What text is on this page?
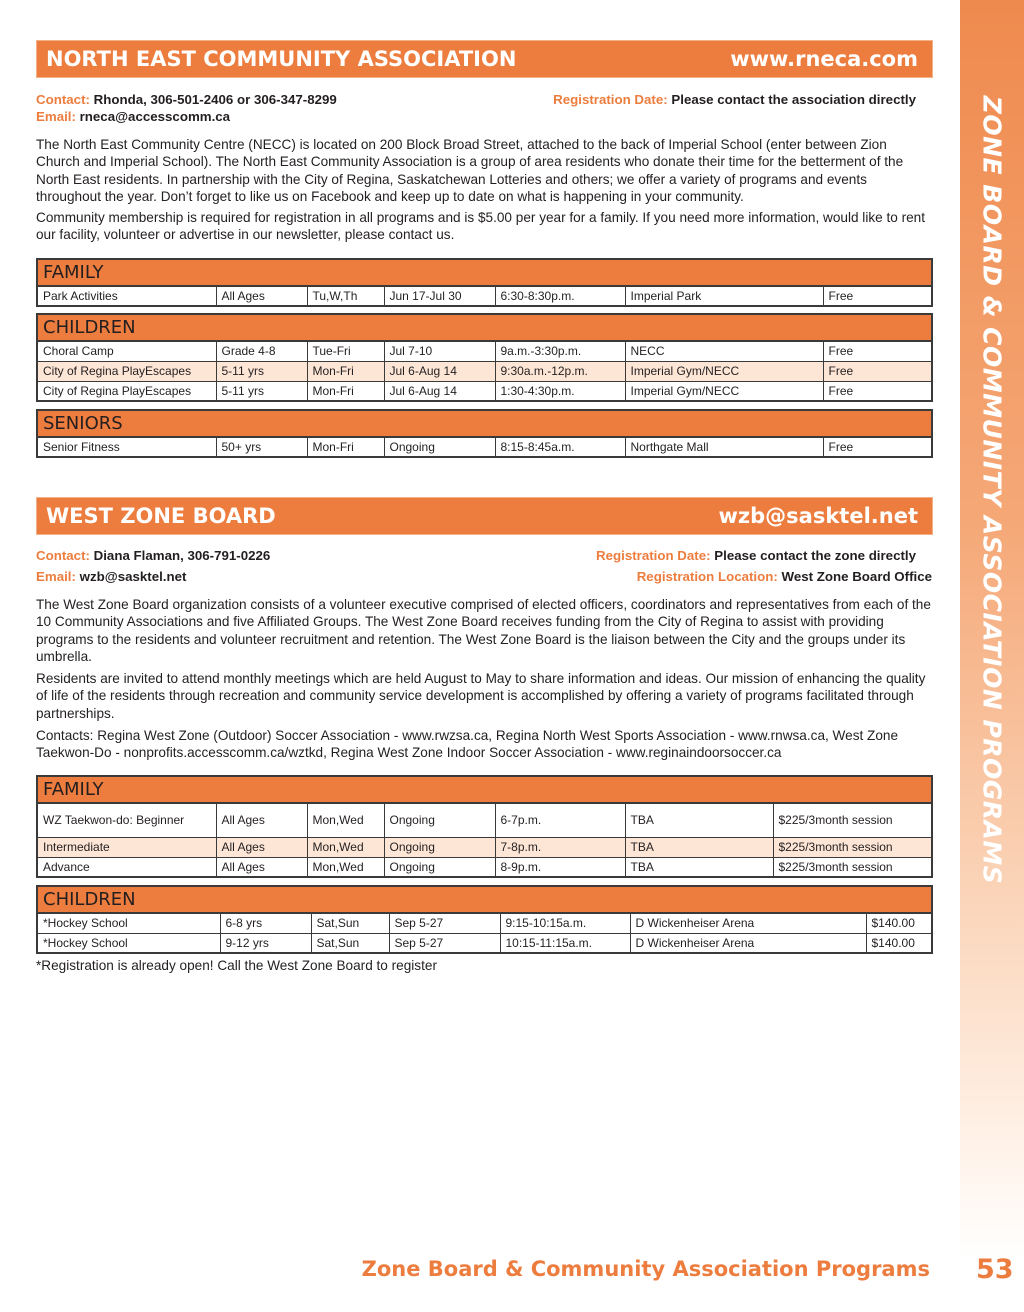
ZONE BOARD & COMMUNITY ASSOCIATION PROGRAMS
NORTH EAST COMMUNITY ASSOCIATION	www.rneca.com
Contact: Rhonda, 306-501-2406 or 306-347-8299
Email: rneca@accesscomm.ca
Registration Date: Please contact the association directly

The North East Community Centre (NECC) is located on 200 Block Broad Street, attached to the back of Imperial School (enter between Zion Church and Imperial School). The North East Community Association is a group of area residents who donate their time for the betterment of the North East residents. In partnership with the City of Regina, Saskatchewan Lotteries and others; we offer a variety of programs and events throughout the year. Don’t forget to like us on Facebook and keep up to date on what is happening in your community.

Community membership is required for registration in all programs and is $5.00 per year for a family. If you need more information, would like to rent our facility, volunteer or advertise in our newsletter, please contact us.

FAMILY
Park Activities	All Ages	Tu,W,Th	Jun 17-Jul 30	6:30-8:30p.m.	Imperial Park	Free
CHILDREN						
Choral Camp	Grade 4-8	Tue-Fri	Jul 7-10	9a.m.-3:30p.m.	NECC	Free
City of Regina PlayEscapes	5-11 yrs	Mon-Fri	Jul 6-Aug 14	9:30a.m.-12p.m.	Imperial Gym/NECC	Free
City of Regina PlayEscapes	5-11 yrs	Mon-Fri	Jul 6-Aug 14	1:30-4:30p.m.	Imperial Gym/NECC	Free
SENIORS
Senior Fitness	50+ yrs	Mon-Fri	Ongoing	8:15-8:45a.m.	Northgate Mall	Free
WEST ZONE BOARD	wzb@sasktel.net
Contact: Diana Flaman, 306-791-0226
Email: wzb@sasktel.net
Registration Date: Please contact the zone directly
Registration Location: West Zone Board Office

The West Zone Board organization consists of a volunteer executive comprised of elected officers, coordinators and representatives from each of the 10 Community Associations and five Affiliated Groups. The West Zone Board receives funding from the City of Regina to assist with providing programs to the residents and volunteer recruitment and retention. The West Zone Board is the liaison between the City and the groups under its umbrella.

Residents are invited to attend monthly meetings which are held August to May to share information and ideas. Our mission of enhancing the quality of life of the residents through recreation and community service development is accomplished by offering a variety of programs facilitated through partnerships.

Contacts: Regina West Zone (Outdoor) Soccer Association - www.rwzsa.ca, Regina North West Sports Association - www.rnwsa.ca, West Zone Taekwon-Do - nonprofits.accesscomm.ca/wztkd, Regina West Zone Indoor Soccer Association - www.reginaindoorsoccer.ca

FAMILY						
WZ Taekwon-do: Beginner	All Ages	Mon,Wed	Ongoing	6-7p.m.	TBA	$225/3month session
Intermediate	All Ages	Mon,Wed	Ongoing	7-8p.m.	TBA	$225/3month session
Advance	All Ages	Mon,Wed	Ongoing	8-9p.m.	TBA	$225/3month session
CHILDREN						
*Hockey School	6-8 yrs	Sat,Sun	Sep 5-27	9:15-10:15a.m.	D Wickenheiser Arena	$140.00
*Hockey School	9-12 yrs	Sat,Sun	Sep 5-27	10:15-11:15a.m.	D Wickenheiser Arena	$140.00

*Registration is already open! Call the West Zone Board to register

Zone Board & Community Association Programs 53
